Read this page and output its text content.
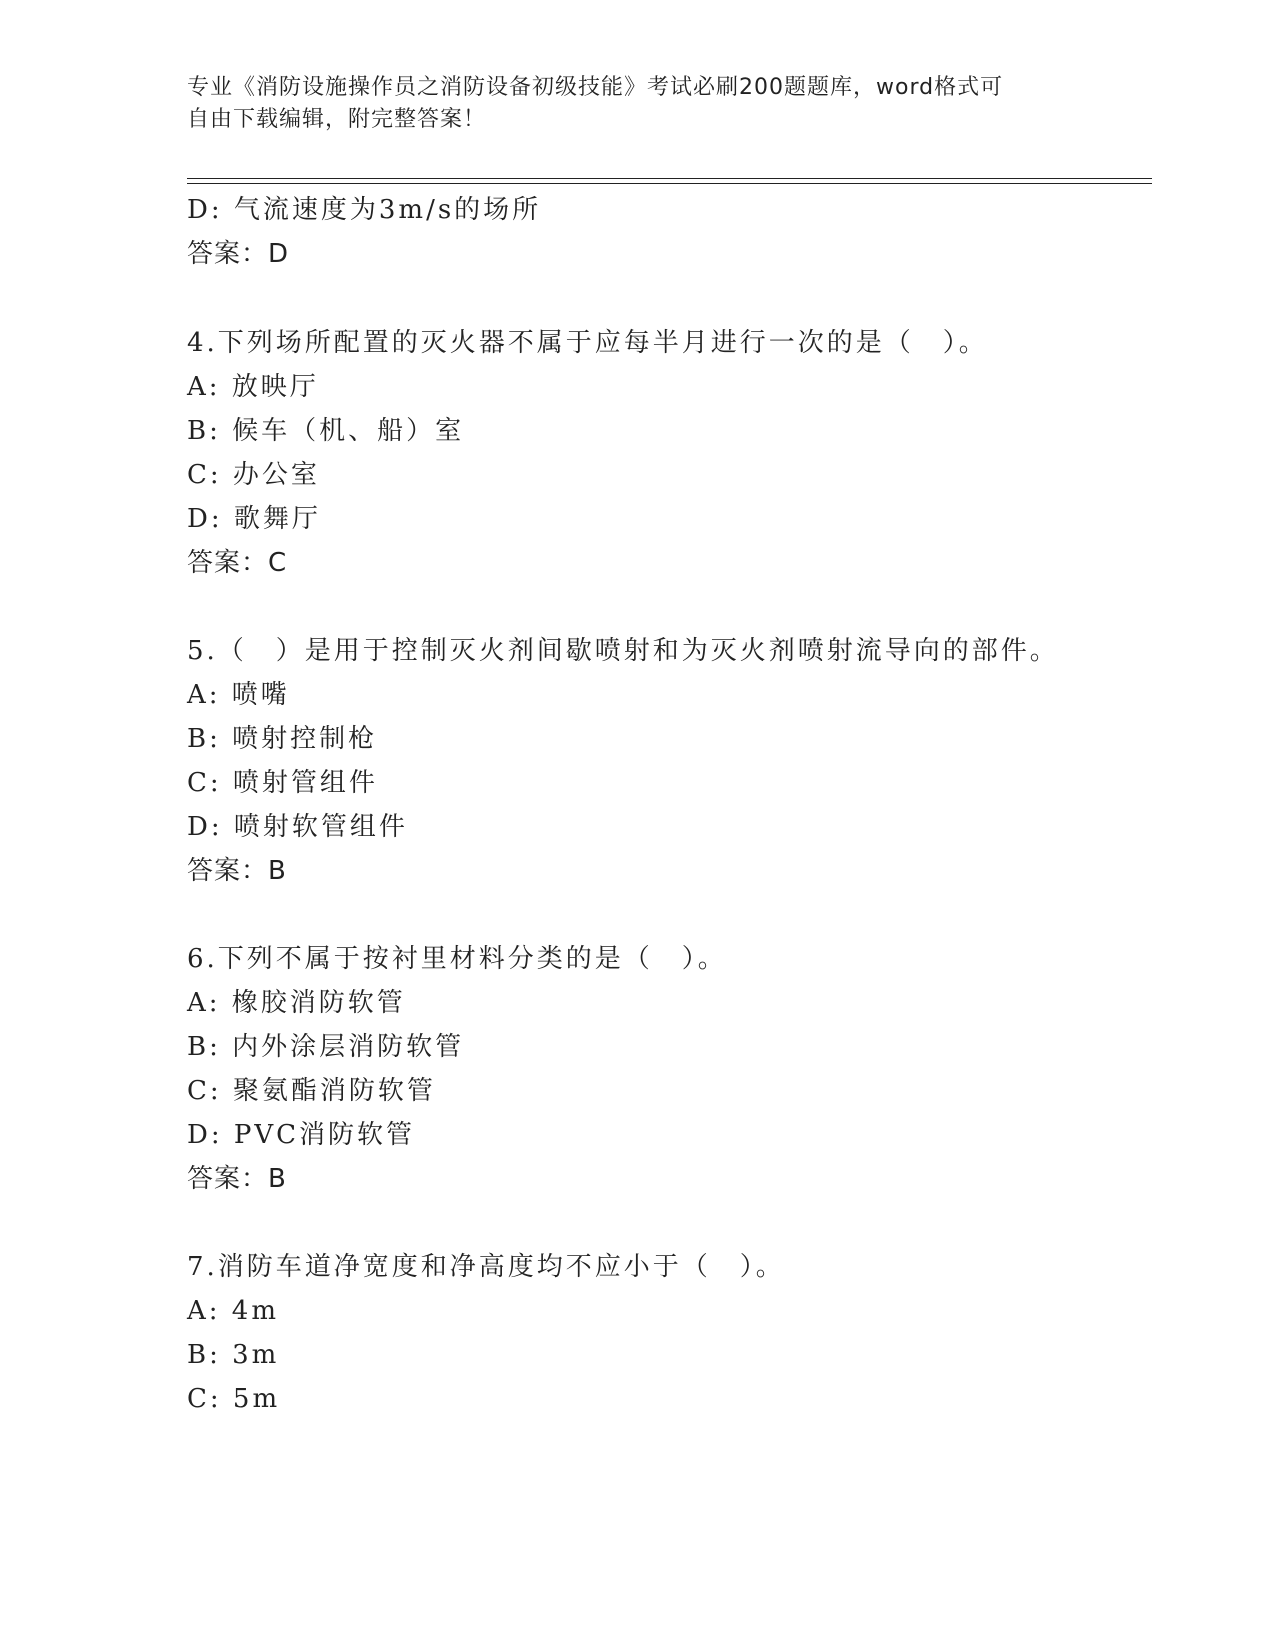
专业《消防设施操作员之消防设备初级技能》考试必刷200题题库，word格式可

自由下载编辑，附完整答案！

D: 气流速度为3m/s的场所
答案：D
4.下列场所配置的灭火器不属于应每半月进行一次的是（　）。
A: 放映厅
B: 候车（机、船）室
C: 办公室
D: 歌舞厅
答案：C
5.（　）是用于控制灭火剂间歇喷射和为灭火剂喷射流导向的部件。
A: 喷嘴
B: 喷射控制枪
C: 喷射管组件
D: 喷射软管组件
答案：B
6.下列不属于按衬里材料分类的是（　）。
A: 橡胶消防软管
B: 内外涂层消防软管
C: 聚氨酯消防软管
D: PVC消防软管
答案：B
7.消防车道净宽度和净高度均不应小于（　）。
A: 4m
B: 3m
C: 5m
